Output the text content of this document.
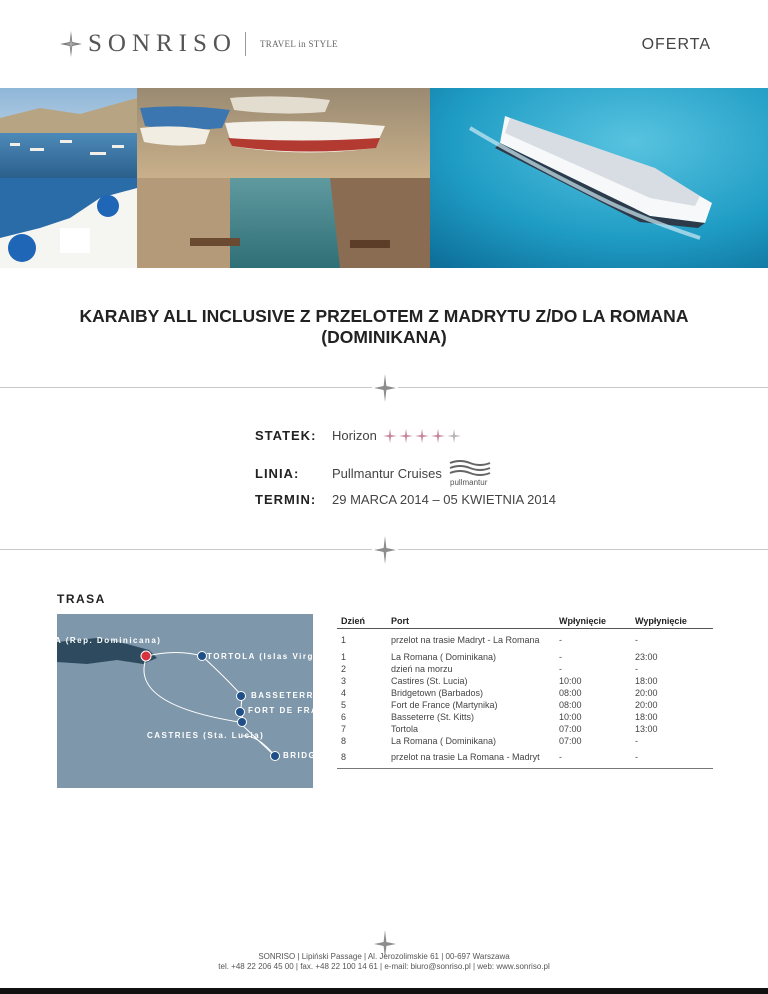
SONRISO	TRAVEL in STYLE	OFERTA
KARAIBY ALL INCLUSIVE Z PRZELOTEM Z MADRYTU Z/DO LA ROMANA
(DOMINIKANA)
STATEK:	Horizon
LINIA:	Pullmantur Cruises
pullmantur
TERMIN:	29 MARCA 2014 – 05 KWIETNIA 2014
TRASA
A (Rep. Dominicana)
TORTOLA (Islas Virgenes
BASSETERRE
FORT DE FRAN
CASTRIES (Sta. Lucia)
BRIDG
Dzień	Port	Wpłynięcie	Wypłynięcie
1	przelot na trasie Madryt - La Romana	-	-
1	La Romana ( Dominikana)	-	23:00
2	dzień na morzu	-	-
3	Castires (St. Lucia)	10:00	18:00
4	Bridgetown (Barbados)	08:00	20:00
5	Fort de France (Martynika)	08:00	20:00
6	Basseterre (St. Kitts)	10:00	18:00
7	Tortola	07:00	13:00
8	La Romana ( Dominikana)	07:00	-
8	przelot na trasie La Romana - Madryt	-	-
SONRISO | Lipiński Passage | Al. Jerozolimskie 61 | 00-697 Warszawa
tel. +48 22 206 45 00 | fax. +48 22 100 14 61 | e-mail: biuro@sonriso.pl | web: www.sonriso.pl
